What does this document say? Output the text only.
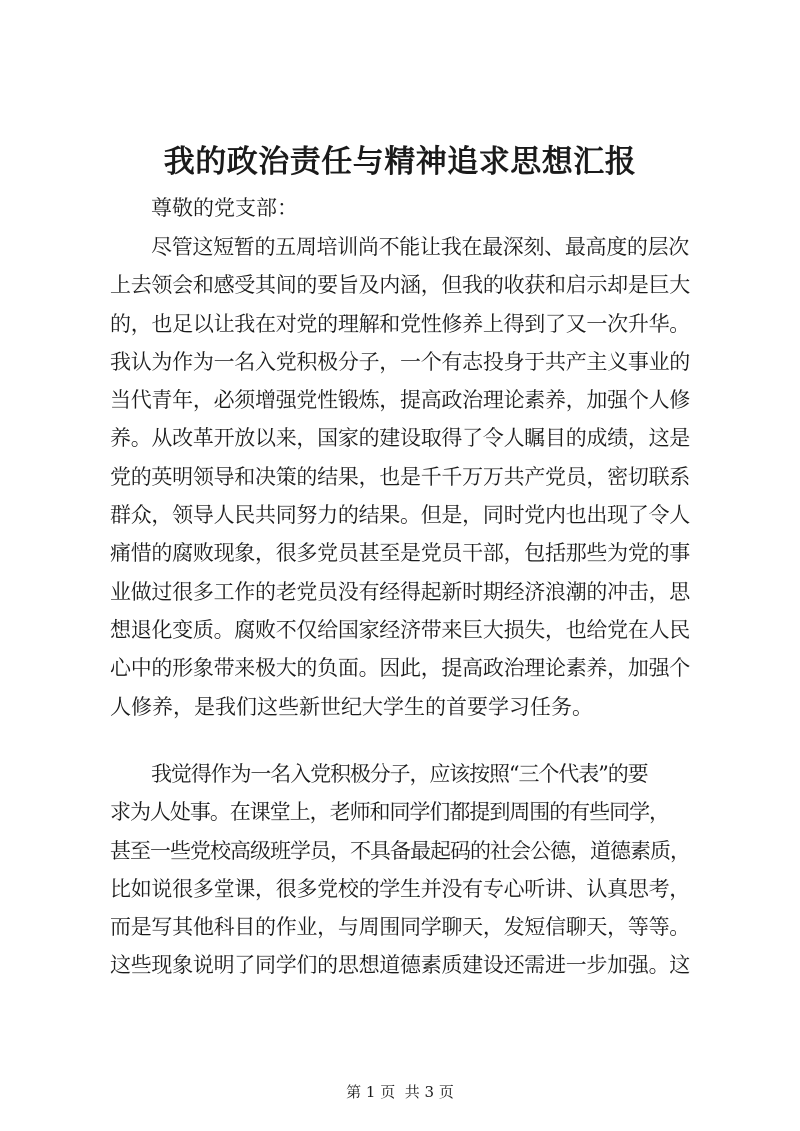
我的政治责任与精神追求思想汇报
尊敬的党支部：
尽管这短暂的五周培训尚不能让我在最深刻、最高度的层次
上去领会和感受其间的要旨及内涵，但我的收获和启示却是巨大
的，也足以让我在对党的理解和党性修养上得到了又一次升华。
我认为作为一名入党积极分子，一个有志投身于共产主义事业的
当代青年，必须增强党性锻炼，提高政治理论素养，加强个人修
养。从改革开放以来，国家的建设取得了令人瞩目的成绩，这是
党的英明领导和决策的结果，也是千千万万共产党员，密切联系
群众，领导人民共同努力的结果。但是，同时党内也出现了令人
痛惜的腐败现象，很多党员甚至是党员干部，包括那些为党的事
业做过很多工作的老党员没有经得起新时期经济浪潮的冲击，思
想退化变质。腐败不仅给国家经济带来巨大损失，也给党在人民
心中的形象带来极大的负面。因此，提高政治理论素养，加强个
人修养，是我们这些新世纪大学生的首要学习任务。
我觉得作为一名入党积极分子，应该按照“三个代表”的要
求为人处事。在课堂上，老师和同学们都提到周围的有些同学，
甚至一些党校高级班学员，不具备最起码的社会公德，道德素质，
比如说很多堂课，很多党校的学生并没有专心听讲、认真思考，
而是写其他科目的作业，与周围同学聊天，发短信聊天，等等。
这些现象说明了同学们的思想道德素质建设还需进一步加强。这
第 1 页  共 3 页
